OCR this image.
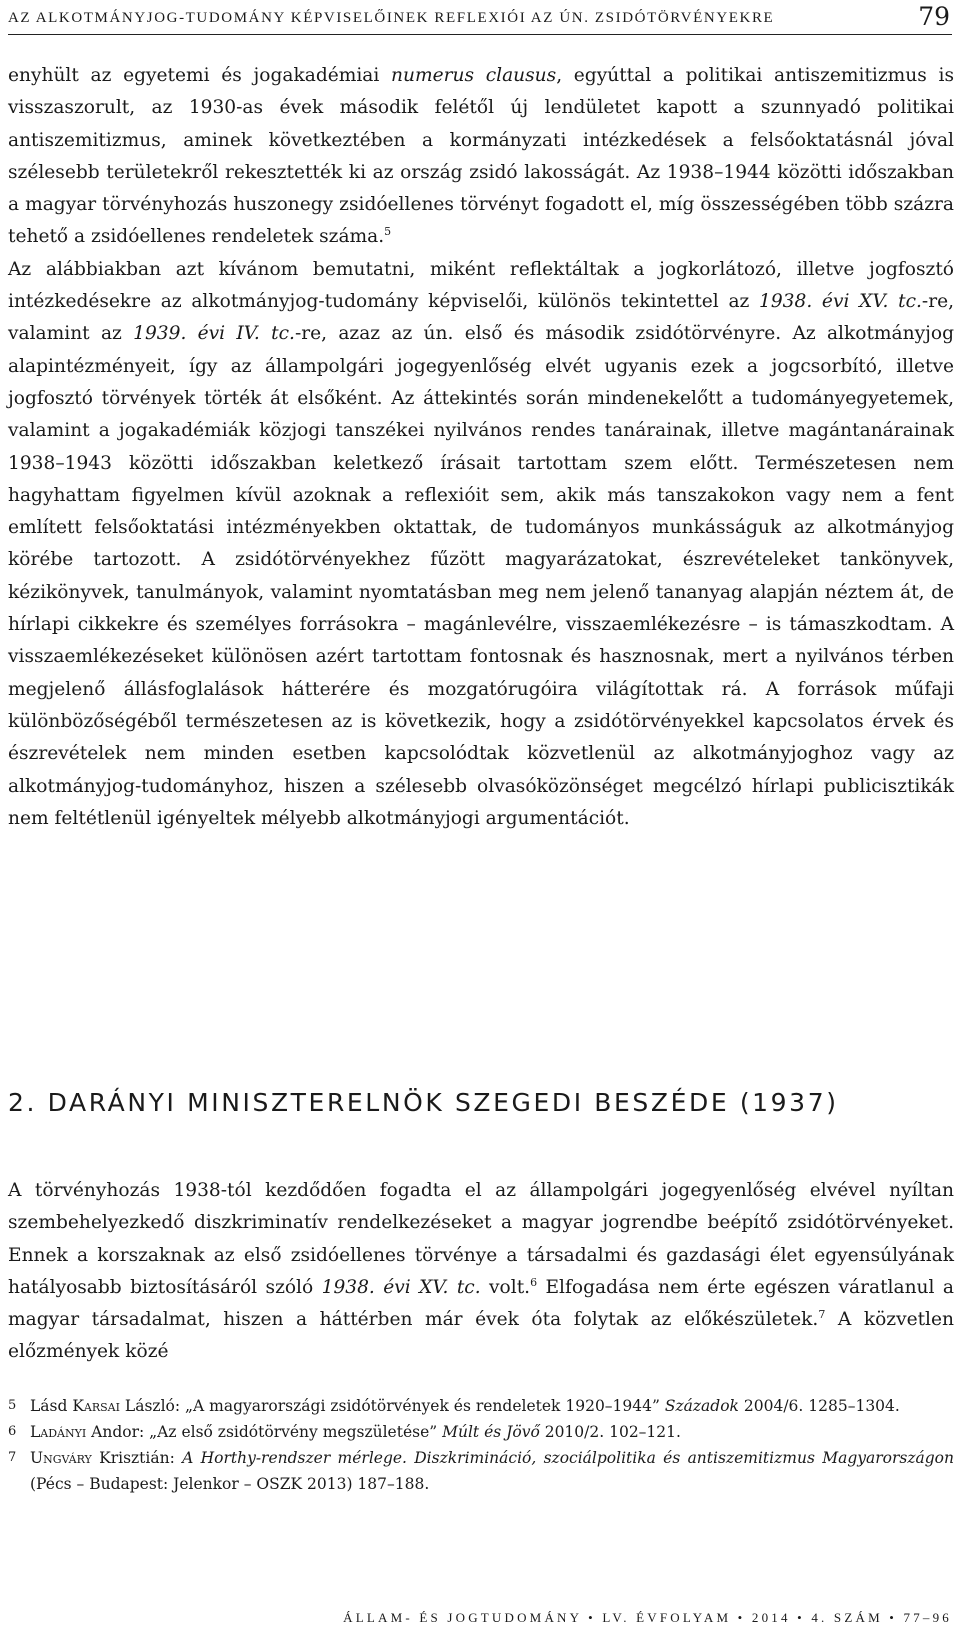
AZ ALKOTMÁNYJOG-TUDOMÁNY KÉPVISELŐINEK REFLEXIÓI AZ ÚN. ZSIDÓTÖRVÉNYEKRE	79

enyhült az egyetemi és jogakadémiai numerus clausus, egyúttal a politikai antiszemitizmus is visszaszorult, az 1930-as évek második felétől új lendületet kapott a szunnyadó politikai antiszemitizmus, aminek következtében a kormányzati intézkedések a felsőoktatásnál jóval szélesebb területekről rekesztették ki az ország zsidó lakosságát. Az 1938–1944 közötti időszakban a magyar törvényhozás huszonegy zsidóellenes törvényt fogadott el, míg összességében több százra tehető a zsidóellenes rendeletek száma.$^5$

Az alábbiakban azt kívánom bemutatni, miként reflektáltak a jogkorlátozó, illetve jogfosztó intézkedésekre az alkotmányjog-tudomány képviselői, különös tekintettel az 1938. évi XV. tc.-re, valamint az 1939. évi IV. tc.-re, azaz az ún. első és második zsidótörvényre. Az alkotmányjog alapintézményeit, így az állampolgári jogegyenlőség elvét ugyanis ezek a jogcsorbító, illetve jogfosztó törvények törték át elsőként. Az áttekintés során mindenekelőtt a tudományegyetemek, valamint a jogakadémiák közjogi tanszékei nyilvános rendes tanárainak, illetve magántanárainak 1938–1943 közötti időszakban keletkező írásait tartottam szem előtt. Természetesen nem hagyhattam figyelmen kívül azoknak a reflexióit sem, akik más tanszakokon vagy nem a fent említett felsőoktatási intézményekben oktattak, de tudományos munkásságuk az alkotmányjog körébe tartozott. A zsidótörvényekhez fűzött magyarázatokat, észrevételeket tankönyvek, kézikönyvek, tanulmányok, valamint nyomtatásban meg nem jelenő tananyag alapján néztem át, de hírlapi cikkekre és személyes forrásokra – magánlevélre, visszaemlékezésre – is támaszkodtam. A visszaemlékezéseket különösen azért tartottam fontosnak és hasznosnak, mert a nyilvános térben megjelenő állásfoglalások hátterére és mozgatórugóira világítottak rá. A források műfaji különbözőségéből természetesen az is következik, hogy a zsidótörvényekkel kapcsolatos érvek és észrevételek nem minden esetben kapcsolódtak közvetlenül az alkotmányjoghoz vagy az alkotmányjog-tudományhoz, hiszen a szélesebb olvasóközönséget megcélzó hírlapi publicisztikák nem feltétlenül igényeltek mélyebb alkotmányjogi argumentációt.

2. DARÁNYI MINISZTERELNÖK SZEGEDI BESZÉDE (1937)

A törvényhozás 1938-tól kezdődően fogadta el az állampolgári jogegyenlőség elvével nyíltan szembehelyezkedő diszkriminatív rendelkezéseket a magyar jogrendbe beépítő zsidótörvényeket. Ennek a korszaknak az első zsidóellenes törvénye a társadalmi és gazdasági élet egyensúlyának hatályosabb biztosításáról szóló 1938. évi XV. tc. volt.$^6$ Elfogadása nem érte egészen váratlanul a magyar társadalmat, hiszen a háttérben már évek óta folytak az előkészületek.$^7$ A közvetlen előzmények közé

5 Lásd Karsai László: „A magyarországi zsidótörvények és rendeletek 1920–1944” Századok 2004/6. 1285–1304.
6 Ladányi Andor: „Az első zsidótörvény megszületése” Múlt és Jövő 2010/2. 102–121.
7 Ungváry Krisztián: A Horthy-rendszer mérlege. Diszkrimináció, szociálpolitika és antiszemitizmus Magyarországon (Pécs – Budapest: Jelenkor – OSZK 2013) 187–188.
ÁLLAM- ÉS JOGTUDOMÁNY • LV. ÉVFOLYAM • 2014 • 4. SZÁM • 77–96
